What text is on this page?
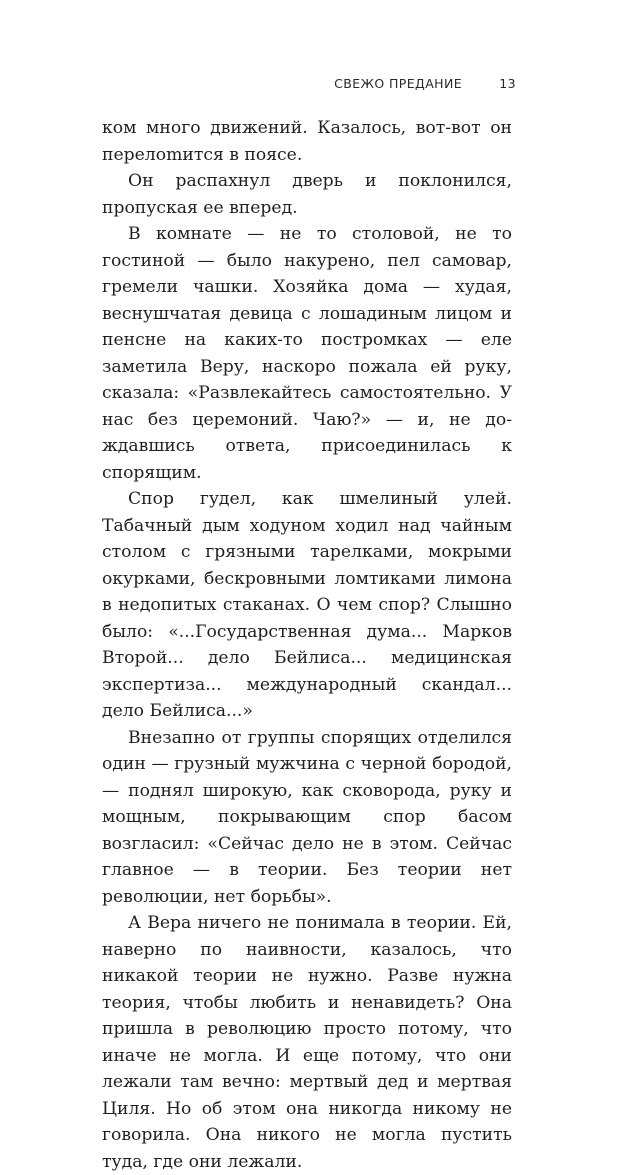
СВЕЖО ПРЕДАНИЕ	13

ком много движений. Казалось, вот-вот он перелоmится в поясе.

Он распахнул дверь и поклонился, пропуская ее вперед.

В комнате — не то столовой, не то гостиной — было накурено, пел самовар, гремели чашки. Хозяйка дома — худая, веснушчатая девица с лошадиным лицом и пенсне на каких-то постромках — еле заметила Веру, наскоро пожала ей руку, сказала: «Развлекайтесь самостоятельно. У нас без церемоний. Чаю?» — и, не дождавшись ответа, присоединилась к спорящим.

Спор гудел, как шмелиный улей. Табачный дым ходуном ходил над чайным столом с грязными тарелками, мокрыми окурками, бескровными ломтиками лимона в недопитых стаканах. О чем спор? Слышно было: «...Государственная дума... Марков Второй... дело Бейлиса... медицинская экспертиза... международный скандал... дело Бейлиса...»

Внезапно от группы спорящих отделился один — грузный мужчина с черной бородой, — поднял широкую, как сковорода, руку и мощным, покрывающим спор басом возгласил: «Сейчас дело не в этом. Сейчас главное — в теории. Без теории нет революции, нет борьбы».

А Вера ничего не понимала в теории. Ей, наверно по наивности, казалось, что никакой теории не нужно. Разве нужна теория, чтобы любить и ненавидеть? Она пришла в революцию просто потому, что иначе не могла. И еще потому, что они лежали там вечно: мертвый дед и мертвая Циля. Но об этом она никогда никому не говорила. Она никого не могла пустить туда, где они лежали.
